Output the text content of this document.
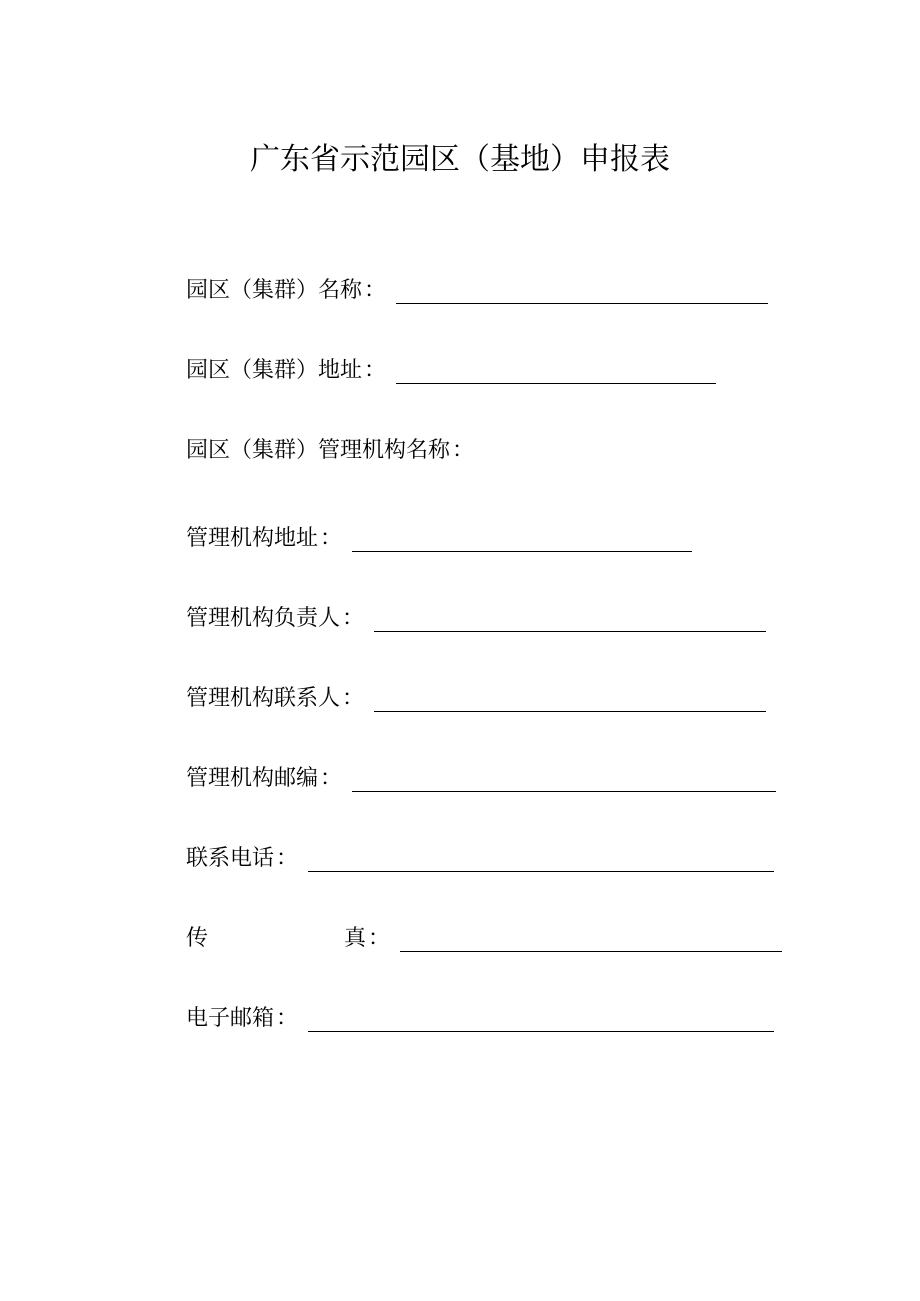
广东省示范园区（基地）申报表
园区（集群）名称 ：
园区（集群）地址 ：
园区（集群）管理机构名称 ：
管理机构地址 ：
管理机构负责人 ：
管理机构联系人 ：
管理机构邮编 ：
联系电话 ：
传	真 ：
电子邮箱 ：
